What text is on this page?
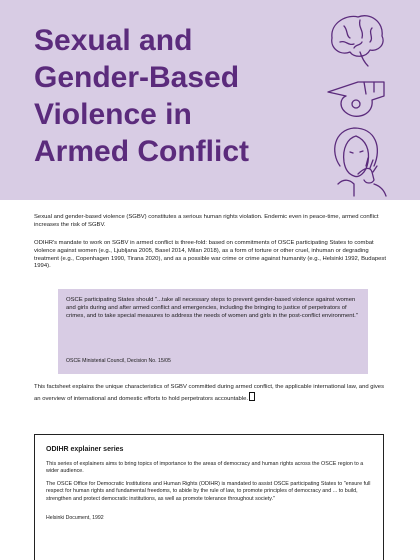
Sexual and Gender-Based Violence in Armed Conflict

Sexual and gender-based violence (SGBV) constitutes a serious human rights violation. Endemic even in peace-time, armed conflict increases the risk of SGBV.

ODIHR's mandate to work on SGBV in armed conflict is three-fold: based on commitments of OSCE participating States to combat violence against women (e.g., Ljubljana 2005, Basel 2014, Milan 2018), as a form of torture or other cruel, inhuman or degrading treatment (e.g., Copenhagen 1990, Tirana 2020), and as a possible war crime or crime against humanity (e.g., Helsinki 1992, Budapest 1994).

OSCE participating States should "...take all necessary steps to prevent gender-based violence against women and girls during and after armed conflict and emergencies, including the bringing to justice of perpetrators of crimes, and to take special measures to address the needs of women and girls in the post-conflict environment."

OSCE Ministerial Council, Decision No. 15/05

This factsheet explains the unique characteristics of SGBV committed during armed conflict, the applicable international law, and gives an overview of international and domestic efforts to hold perpetrators accountable.

ODIHR explainer series

This series of explainers aims to bring topics of importance to the areas of democracy and human rights across the OSCE region to a wider audience.

The OSCE Office for Democratic Institutions and Human Rights (ODIHR) is mandated to assist OSCE participating States to "ensure full respect for human rights and fundamental freedoms, to abide by the rule of law, to promote principles of democracy and ... to build, strengthen and protect democratic institutions, as well as promote tolerance throughout society."

Helsinki Document, 1992
